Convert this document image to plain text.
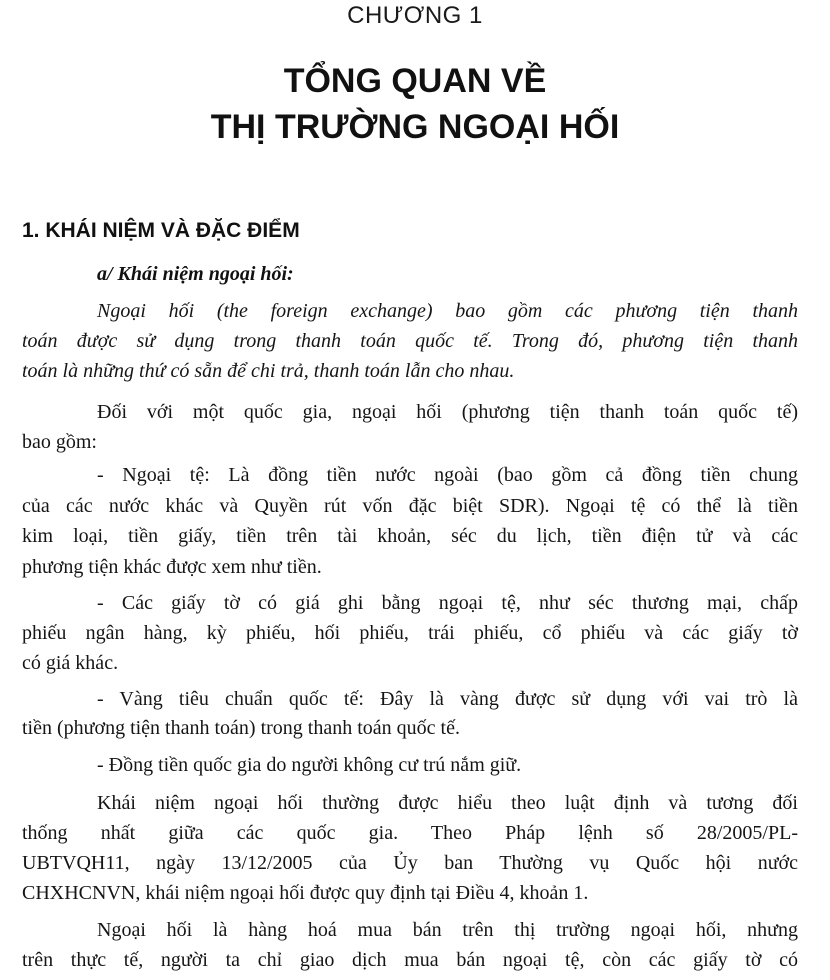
CHƯƠNG 1
TỔNG QUAN VỀ
THỊ TRƯỜNG NGOẠI HỐI
1. KHÁI NIỆM VÀ ĐẶC ĐIỂM
a/ Khái niệm ngoại hối:
Ngoại hối (the foreign exchange) bao gồm các phương tiện thanh
toán được sử dụng trong thanh toán quốc tế. Trong đó, phương tiện thanh
toán là những thứ có sẵn để chi trả, thanh toán lẫn cho nhau.
Đối với một quốc gia, ngoại hối (phương tiện thanh toán quốc tế)
bao gồm:
- Ngoại tệ: Là đồng tiền nước ngoài (bao gồm cả đồng tiền chung
của các nước khác và Quyền rút vốn đặc biệt SDR). Ngoại tệ có thể là tiền
kim loại, tiền giấy, tiền trên tài khoản, séc du lịch, tiền điện tử và các
phương tiện khác được xem như tiền.
- Các giấy tờ có giá ghi bằng ngoại tệ, như séc thương mại, chấp
phiếu ngân hàng, kỳ phiếu, hối phiếu, trái phiếu, cổ phiếu và các giấy tờ
có giá khác.
- Vàng tiêu chuẩn quốc tế: Đây là vàng được sử dụng với vai trò là
tiền (phương tiện thanh toán) trong thanh toán quốc tế.
- Đồng tiền quốc gia do người không cư trú nắm giữ.
Khái niệm ngoại hối thường được hiểu theo luật định và tương đối
thống nhất giữa các quốc gia. Theo Pháp lệnh số 28/2005/PL-
UBTVQH11, ngày 13/12/2005 của Ủy ban Thường vụ Quốc hội nước
CHXHCNVN, khái niệm ngoại hối được quy định tại Điều 4, khoản 1.
Ngoại hối là hàng hoá mua bán trên thị trường ngoại hối, nhưng
trên thực tế, người ta chỉ giao dịch mua bán ngoại tệ, còn các giấy tờ có
